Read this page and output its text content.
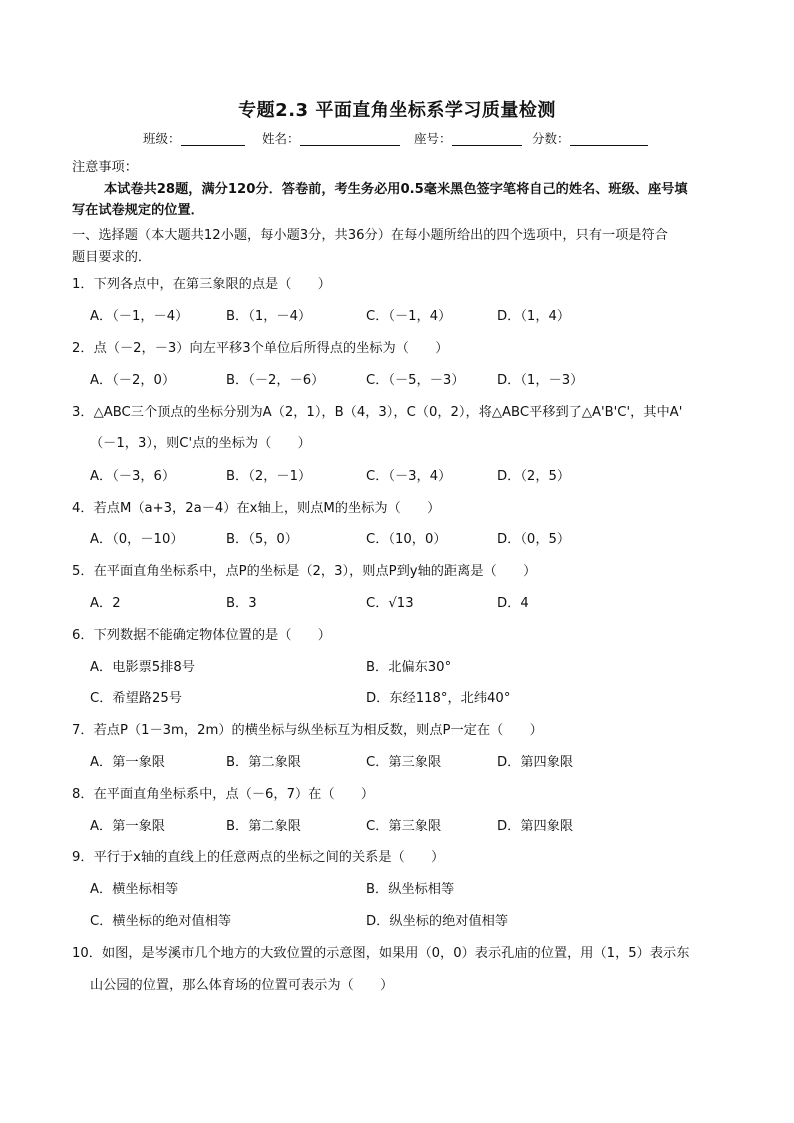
专题2.3 平面直角坐标系学习质量检测
班级：	姓名：	座号：	分数：
注意事项：
本试卷共28题，满分120分．答卷前，考生务必用0.5毫米黑色签字笔将自己的姓名、班级、座号填
写在试卷规定的位置．
一、选择题（本大题共12小题，每小题3分，共36分）在每小题所给出的四个选项中，只有一项是符合
题目要求的．
1．下列各点中，在第三象限的点是（　　）
A．（－1，－4）	B．（1，－4）	C．（－1，4）	D．（1，4）
2．点（－2，－3）向左平移3个单位后所得点的坐标为（　　）
A．（－2，0）	B．（－2，－6）	C．（－5，－3） D．（1，－3）
3．△ABC三个顶点的坐标分别为A（2，1），B（4，3），C（0，2），将△ABC平移到了△A'B'C'，其中A'
（－1，3），则C'点的坐标为（　　）
A．（－3，6）	B．（2，－1）	C．（－3，4）	D．（2，5）
4．若点M（a+3，2a－4）在x轴上，则点M的坐标为（　　）
A．（0，－10）	B．（5，0）	C．（10，0）	D．（0，5）
5．在平面直角坐标系中，点P的坐标是（2，3），则点P到y轴的距离是（　　）
A．2	B．3	C．√13	D．4
6．下列数据不能确定物体位置的是（　　）
A．电影票5排8号	B．北偏东30°
C．希望路25号	D．东经118°，北纬40°
7．若点P（1－3m，2m）的横坐标与纵坐标互为相反数，则点P一定在（　　）
A．第一象限	B．第二象限	C．第三象限	D．第四象限
8．在平面直角坐标系中，点（－6，7）在（　　）
A．第一象限	B．第二象限	C．第三象限	D．第四象限
9．平行于x轴的直线上的任意两点的坐标之间的关系是（　　）
A．横坐标相等	B．纵坐标相等
C．横坐标的绝对值相等	D．纵坐标的绝对值相等
10．如图，是岑溪市几个地方的大致位置的示意图，如果用（0，0）表示孔庙的位置，用（1，5）表示东
山公园的位置，那么体育场的位置可表示为（　　）
